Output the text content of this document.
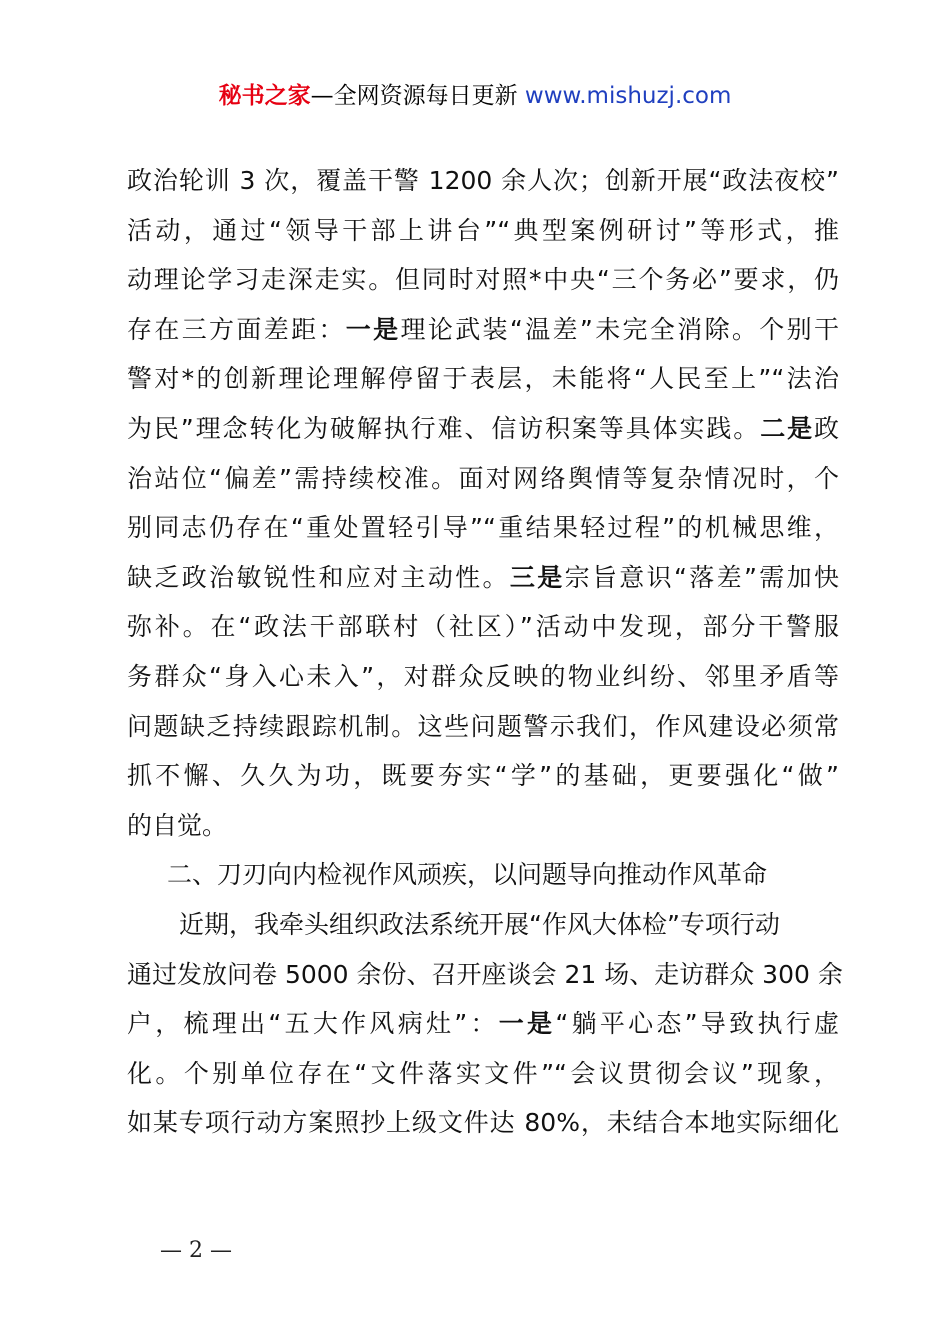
秘书之家—全网资源每日更新 www.mishuzj.com
政治轮训 3 次，覆盖干警 1200 余人次；创新开展“政法夜校”
活动，通过“领导干部上讲台”“典型案例研讨”等形式，推
动理论学习走深走实。但同时对照*中央“三个务必”要求，仍
存在三方面差距：一是理论武装“温差”未完全消除。个别干
警对*的创新理论理解停留于表层，未能将“人民至上”“法治
为民”理念转化为破解执行难、信访积案等具体实践。二是政
治站位“偏差”需持续校准。面对网络舆情等复杂情况时，个
别同志仍存在“重处置轻引导”“重结果轻过程”的机械思维，
缺乏政治敏锐性和应对主动性。三是宗旨意识“落差”需加快
弥补。在“政法干部联村（社区）”活动中发现，部分干警服
务群众“身入心未入”，对群众反映的物业纠纷、邻里矛盾等
问题缺乏持续跟踪机制。这些问题警示我们，作风建设必须常
抓不懈、久久为功，既要夯实“学”的基础，更要强化“做”
的自觉。
二、刀刃向内检视作风顽疾，以问题导向推动作风革命
近期，我牵头组织政法系统开展“作风大体检”专项行动
通过发放问卷 5000 余份、召开座谈会 21 场、走访群众 300 余
户，梳理出“五大作风病灶”：一是“躺平心态”导致执行虚
化。个别单位存在“文件落实文件”“会议贯彻会议”现象，
如某专项行动方案照抄上级文件达 80%，未结合本地实际细化
— 2 —
